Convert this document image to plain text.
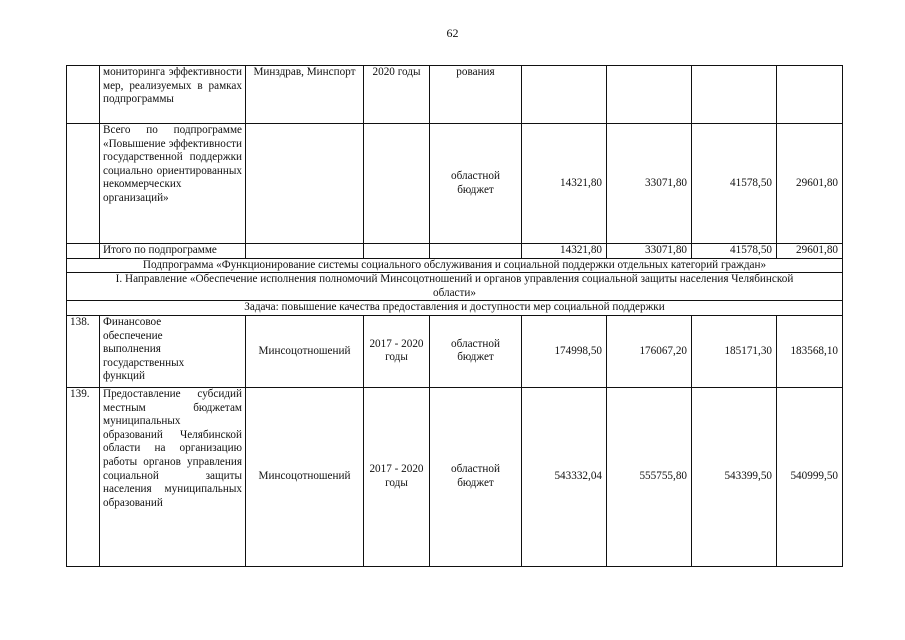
62
	мониторинга эффективности мер, реализуемых в рамках подпрограммы	Минздрав, Минспорт	2020 годы	рования				
	Всего по подпрограмме «Повышение эффективности государственной поддержки социально ориентированных некоммерческих организаций»			областной бюджет	14321,80	33071,80	41578,50	29601,80
	Итого по подпрограмме				14321,80	33071,80	41578,50	29601,80
Подпрограмма «Функционирование системы социального обслуживания и социальной поддержки отдельных категорий граждан»								
I. Направление «Обеспечение исполнения полномочий Минсоцотношений и органов управления социальной защиты населения Челябинской области»								
Задача: повышение качества предоставления и доступности мер социальной поддержки								
138.	Финансовое обеспечение выполнения государственных функций	Минсоцотношений	2017 - 2020 годы	областной бюджет	174998,50	176067,20	185171,30	183568,10
139.	Предоставление субсидий местным бюджетам муниципальных образований Челябинской области на организацию работы органов управления социальной защиты населения муниципальных образований	Минсоцотношений	2017 - 2020 годы	областной бюджет	543332,04	555755,80	543399,50	540999,50
